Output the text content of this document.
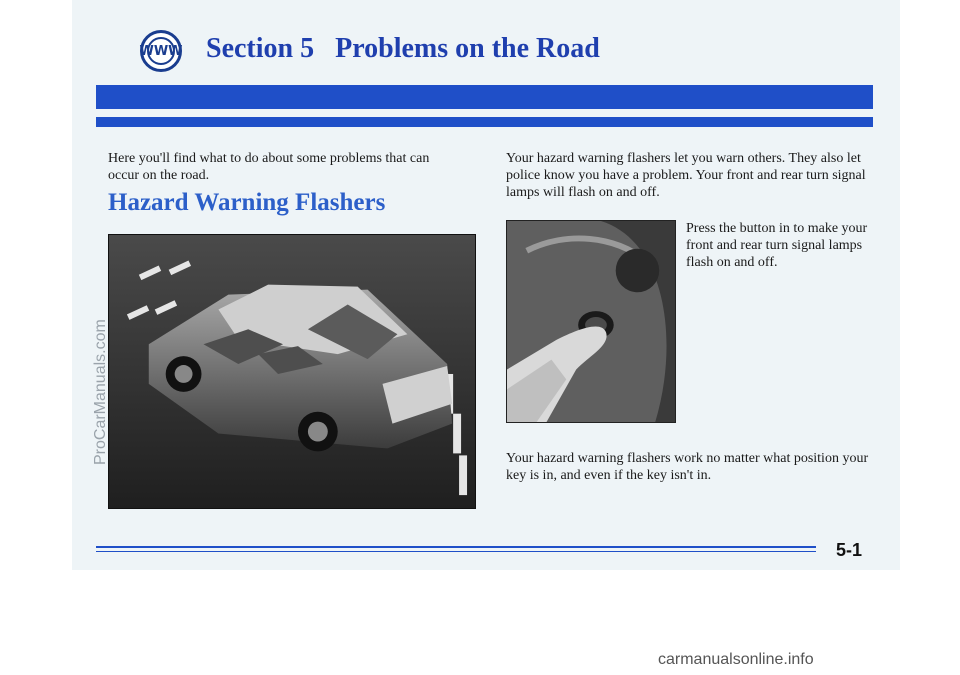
WWW Section 5 Problems on the Road

Here you'll find what to do about some problems that can occur on the road.

Hazard Warning Flashers

Your hazard warning flashers let you warn others. They also let police know you have a problem. Your front and rear turn signal lamps will flash on and off.

Press the button in to make your front and rear turn signal lamps flash on and off.

Your hazard warning flashers work no matter what position your key is in, and even if the key isn't in.

5-1

ProCarManuals.com

carmanualsonline.info
